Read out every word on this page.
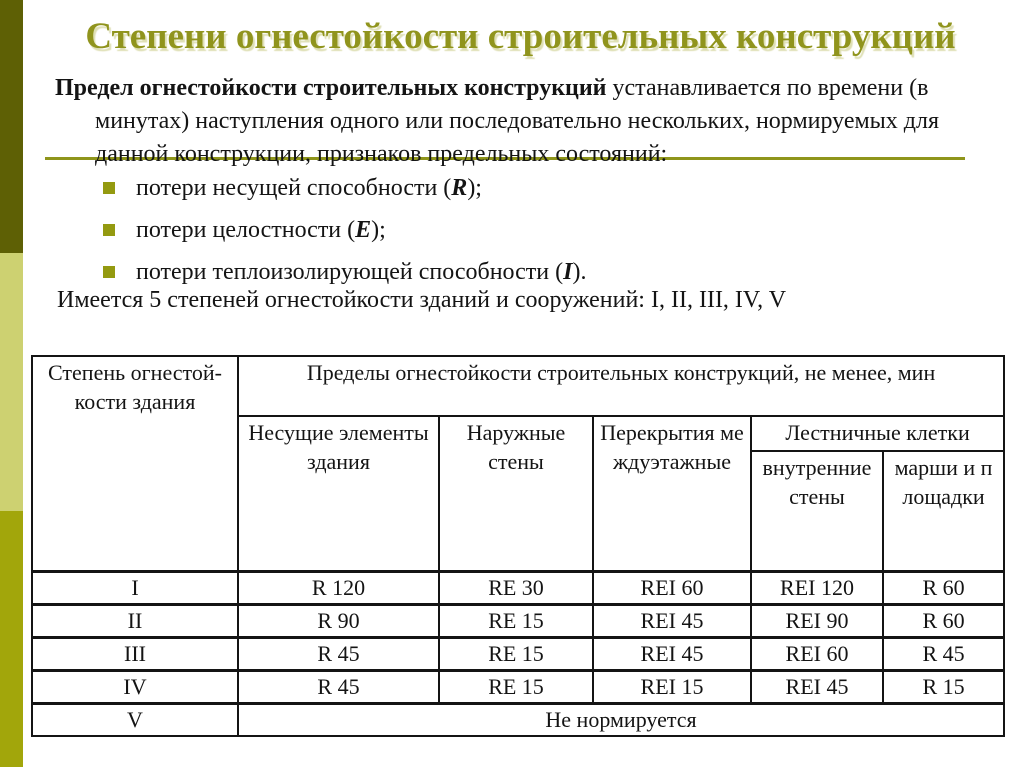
Степени огнестойкости строительных конструкций

Предел огнестойкости строительных конструкций устанавливается по времени (в минутах) наступления одного или последовательно нескольких, нормируемых для данной конструкции, признаков предельных состояний:

потери несущей способности (R);
потери целостности (E);
потери теплоизолирующей способности (I).

Имеется 5 степеней огнестойкости зданий и сооружений: I, II, III, IV, V

Степень огнестой-кости здания	Пределы огнестойкости строительных конструкций, не менее, мин				
	Несущие элементы здания	Наружные стены	Перекрытия междуэтажные	Лестничные клетки	
				внутренние стены	марши и площадки
I	R 120	RE 30	REI 60	REI 120	R 60
II	R 90	RE 15	REI 45	REI 90	R 60
III	R 45	RE 15	REI 45	REI 60	R 45
IV	R 45	RE 15	REI 15	REI 45	R 15
V	Не нормируется				
